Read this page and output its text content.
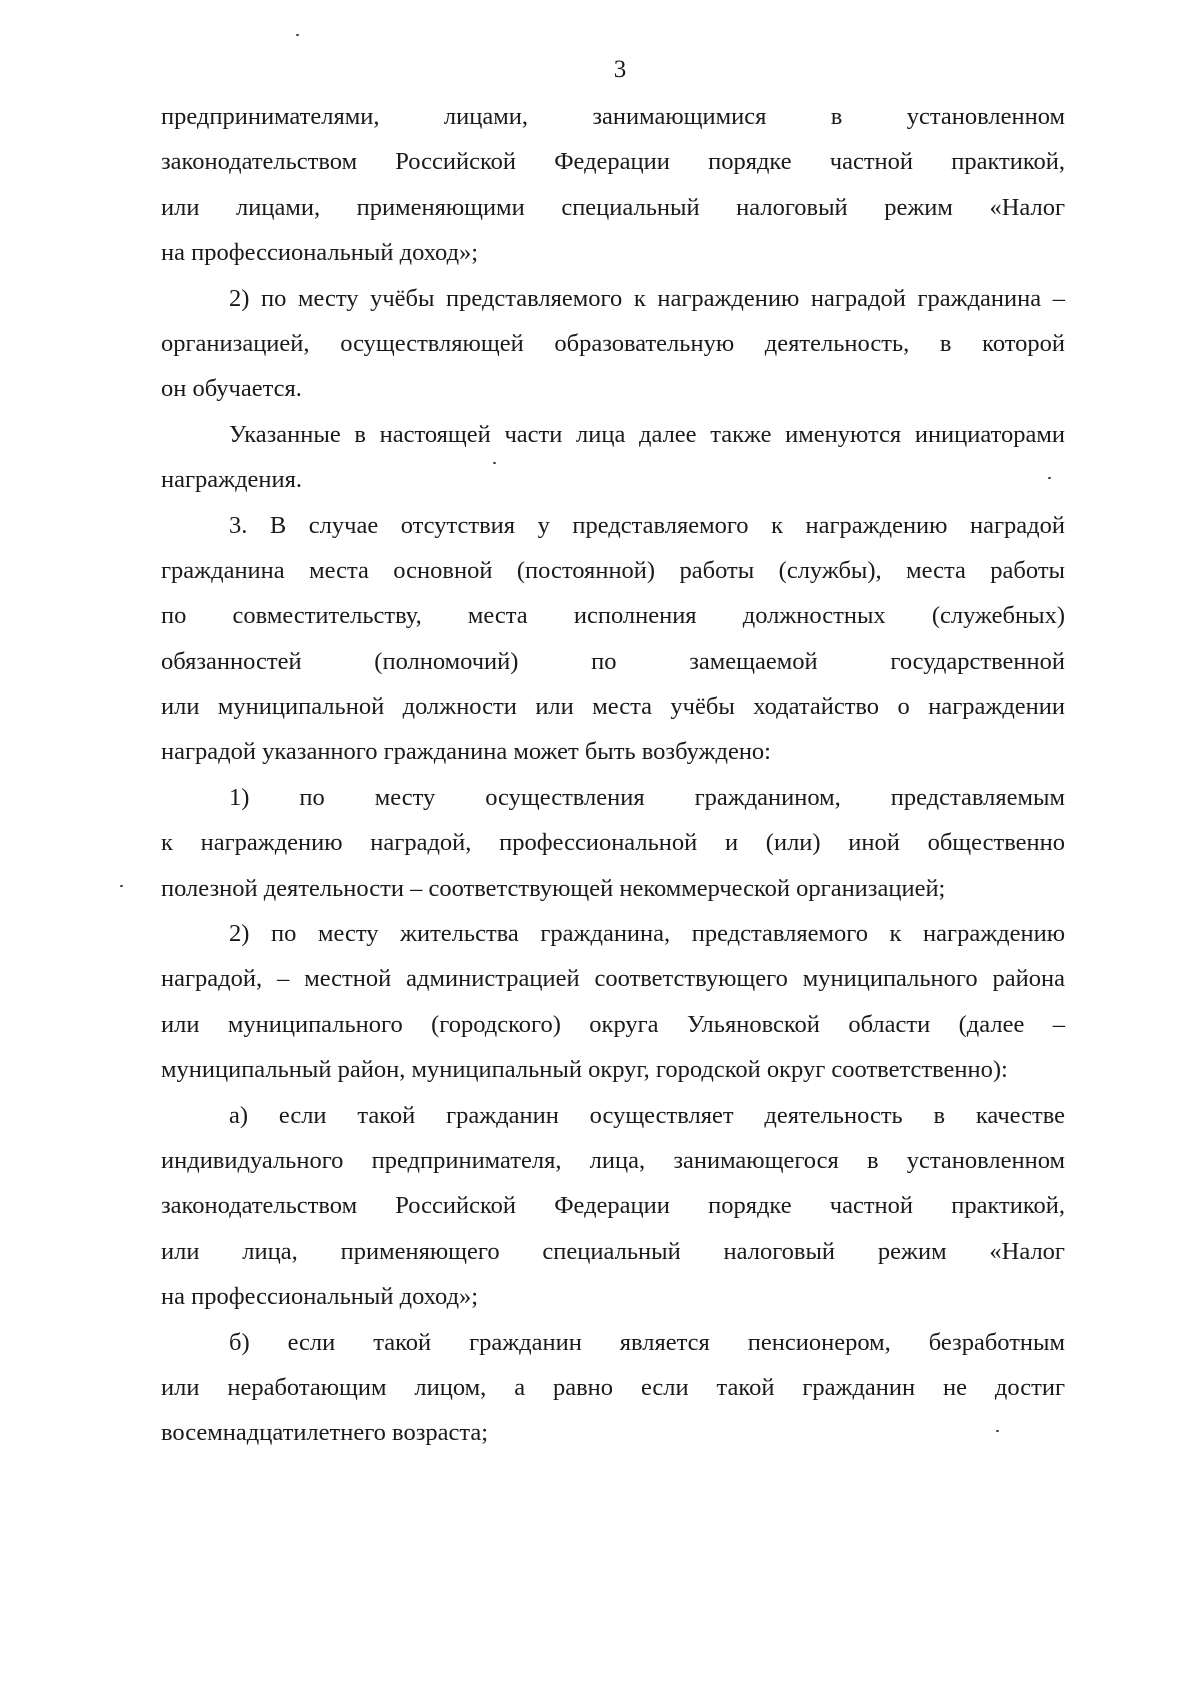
3
предпринимателями, лицами, занимающимися в установленном
законодательством Российской Федерации порядке частной практикой,
или лицами, применяющими специальный налоговый режим «Налог
на профессиональный доход»;
2) по месту учёбы представляемого к награждению наградой гражданина –
организацией, осуществляющей образовательную деятельность, в которой
он обучается.
Указанные в настоящей части лица далее также именуются инициаторами
награждения.
3. В случае отсутствия у представляемого к награждению наградой
гражданина места основной (постоянной) работы (службы), места работы
по совместительству, места исполнения должностных (служебных)
обязанностей (полномочий) по замещаемой государственной
или муниципальной должности или места учёбы ходатайство о награждении
наградой указанного гражданина может быть возбуждено:
1) по месту осуществления гражданином, представляемым
к награждению наградой, профессиональной и (или) иной общественно
полезной деятельности – соответствующей некоммерческой организацией;
2) по месту жительства гражданина, представляемого к награждению
наградой, – местной администрацией соответствующего муниципального района
или муниципального (городского) округа Ульяновской области (далее –
муниципальный район, муниципальный округ, городской округ соответственно):
а) если такой гражданин осуществляет деятельность в качестве
индивидуального предпринимателя, лица, занимающегося в установленном
законодательством Российской Федерации порядке частной практикой,
или лица, применяющего специальный налоговый режим «Налог
на профессиональный доход»;
б) если такой гражданин является пенсионером, безработным
или неработающим лицом, а равно если такой гражданин не достиг
восемнадцатилетнего возраста;
